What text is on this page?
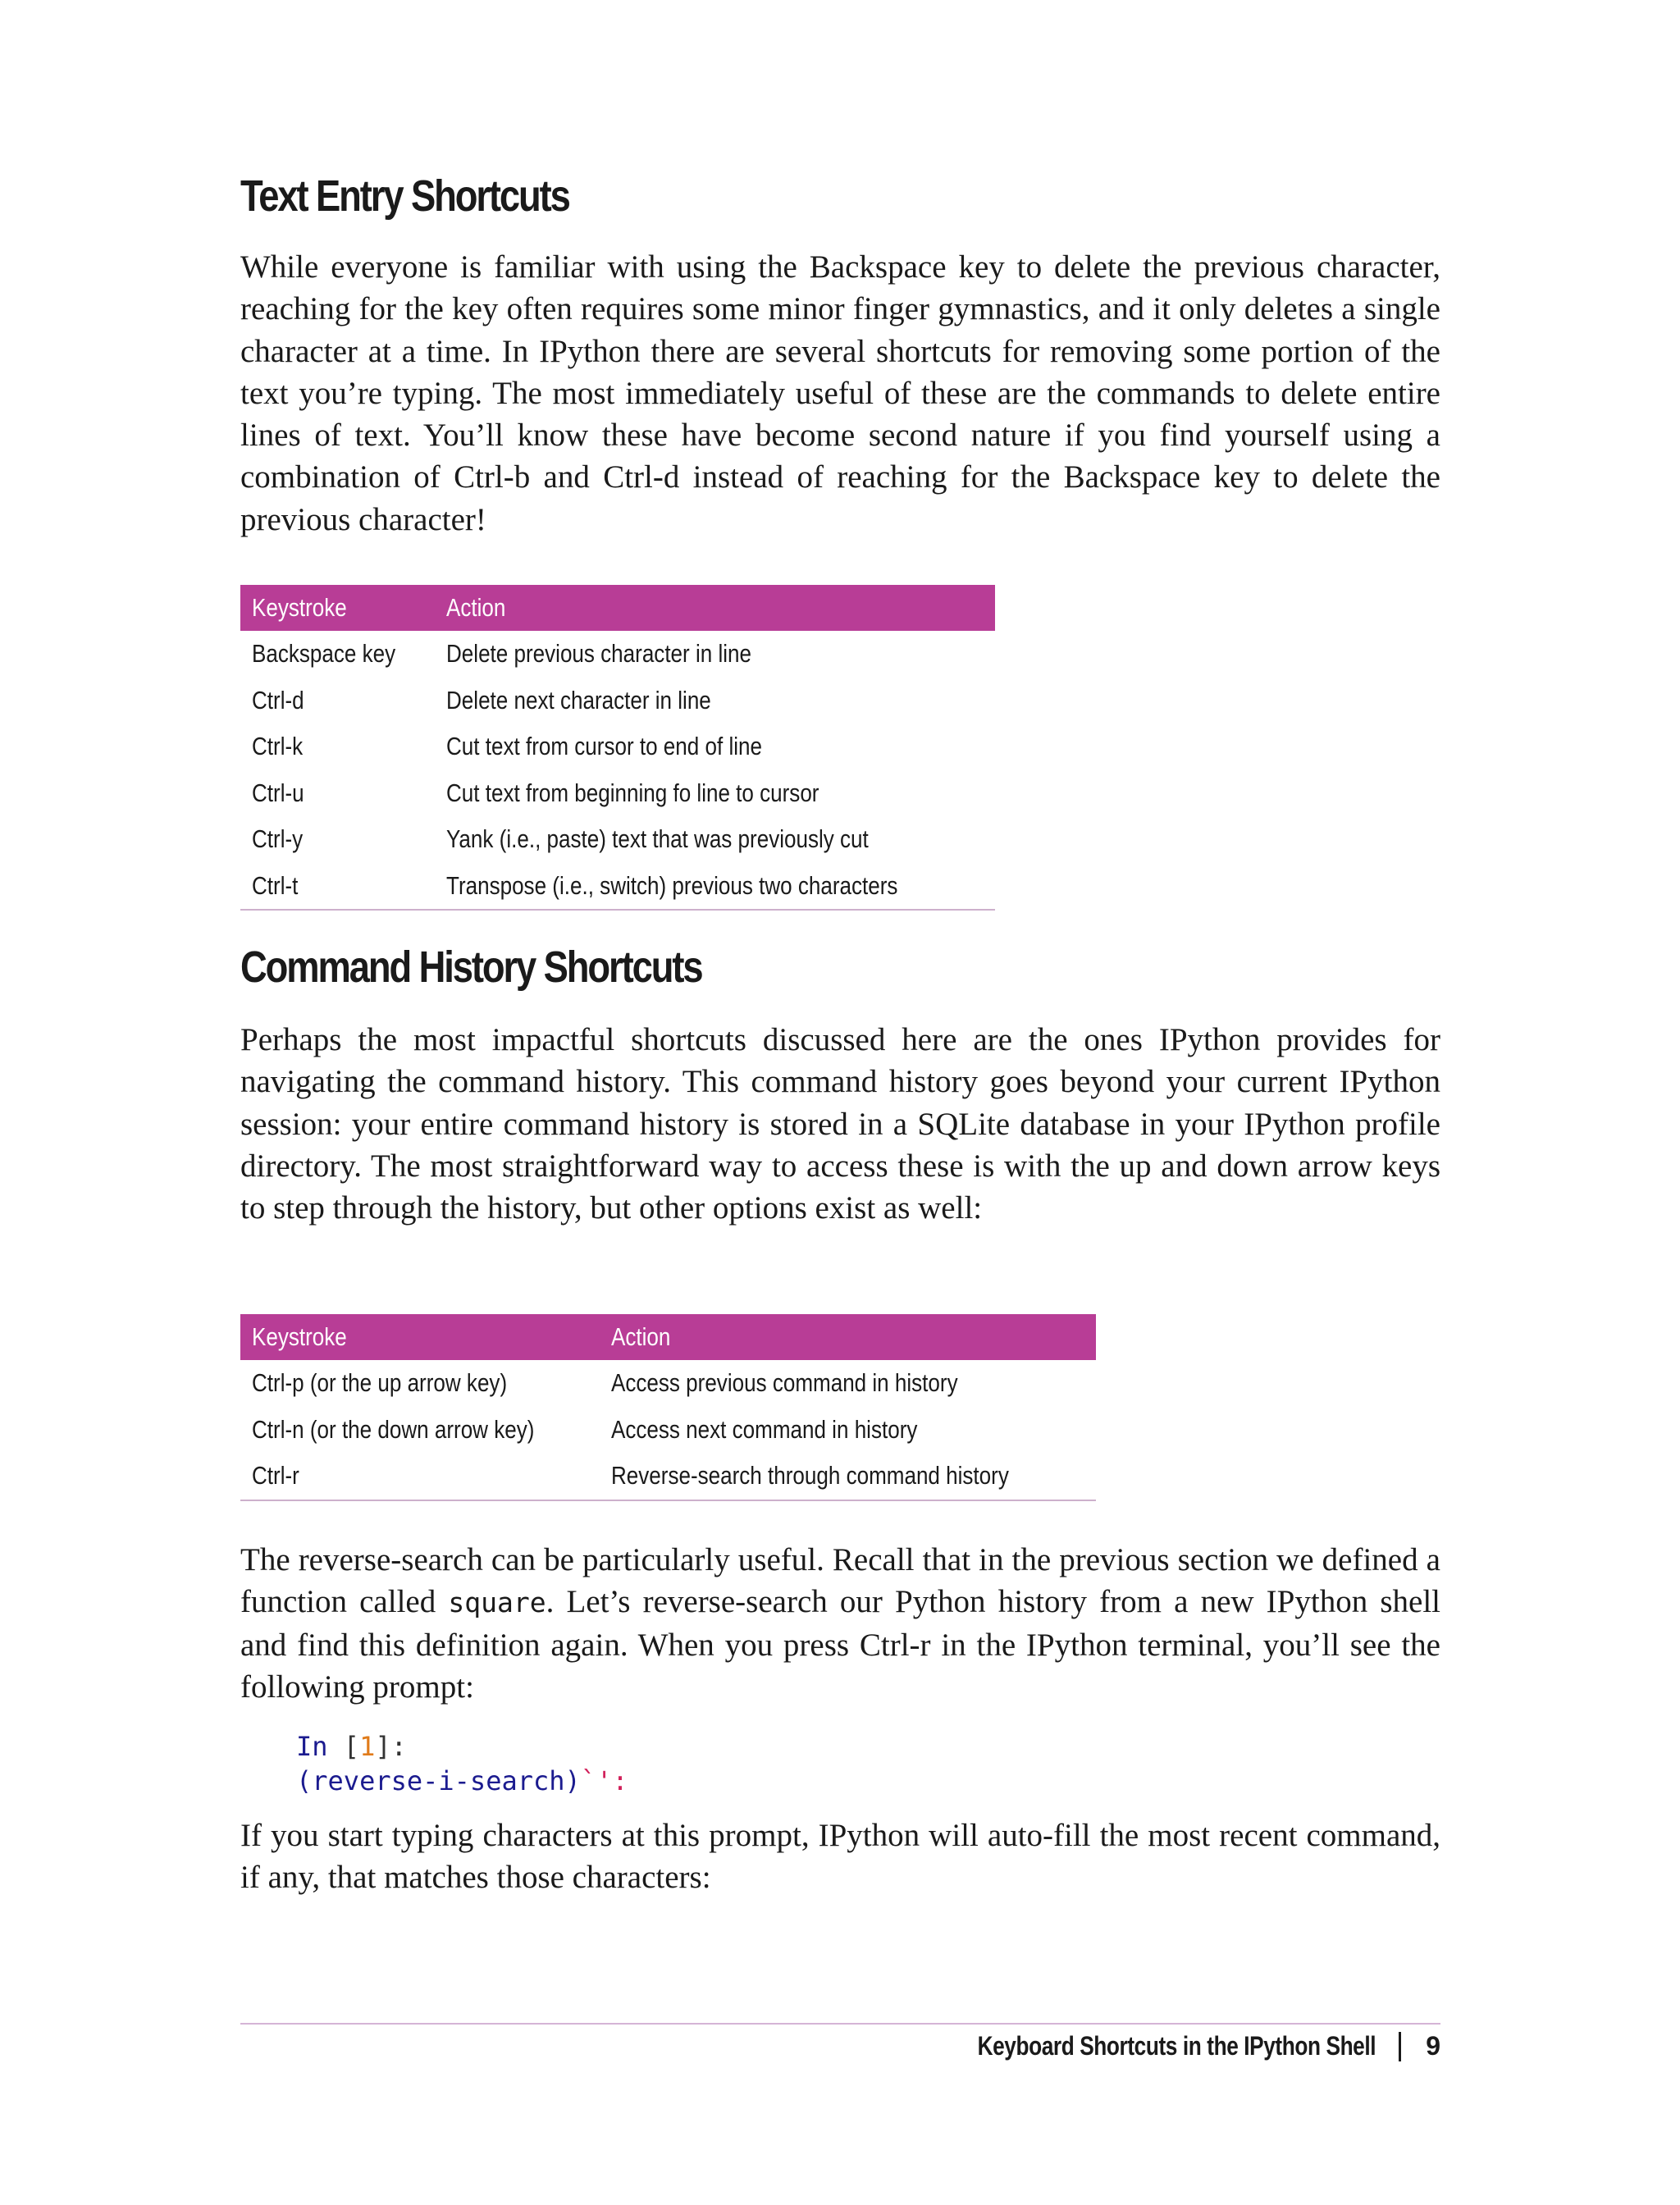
Text Entry Shortcuts

While everyone is familiar with using the Backspace key to delete the previous character, reaching for the key often requires some minor finger gymnastics, and it only deletes a single character at a time. In IPython there are several shortcuts for removing some portion of the text you’re typing. The most immediately useful of these are the commands to delete entire lines of text. You’ll know these have become second nature if you find yourself using a combination of Ctrl-b and Ctrl-d instead of reaching for the Backspace key to delete the previous character!

Keystroke	Action
Backspace key	Delete previous character in line
Ctrl-d	Delete next character in line
Ctrl-k	Cut text from cursor to end of line
Ctrl-u	Cut text from beginning fo line to cursor
Ctrl-y	Yank (i.e., paste) text that was previously cut
Ctrl-t	Transpose (i.e., switch) previous two characters
Command History Shortcuts

Perhaps the most impactful shortcuts discussed here are the ones IPython provides for navigating the command history. This command history goes beyond your current IPython session: your entire command history is stored in a SQLite database in your IPython profile directory. The most straightforward way to access these is with the up and down arrow keys to step through the history, but other options exist as well:

Keystroke	Action
Ctrl-p (or the up arrow key)	Access previous command in history
Ctrl-n (or the down arrow key)	Access next command in history
Ctrl-r	Reverse-search through command history

The reverse-search can be particularly useful. Recall that in the previous section we defined a function called square. Let’s reverse-search our Python history from a new IPython shell and find this definition again. When you press Ctrl-r in the IPython terminal, you’ll see the following prompt:

In [1]:
(reverse-i-search)`':

If you start typing characters at this prompt, IPython will auto-fill the most recent command, if any, that matches those characters:

Keyboard Shortcuts in the IPython Shell 9
